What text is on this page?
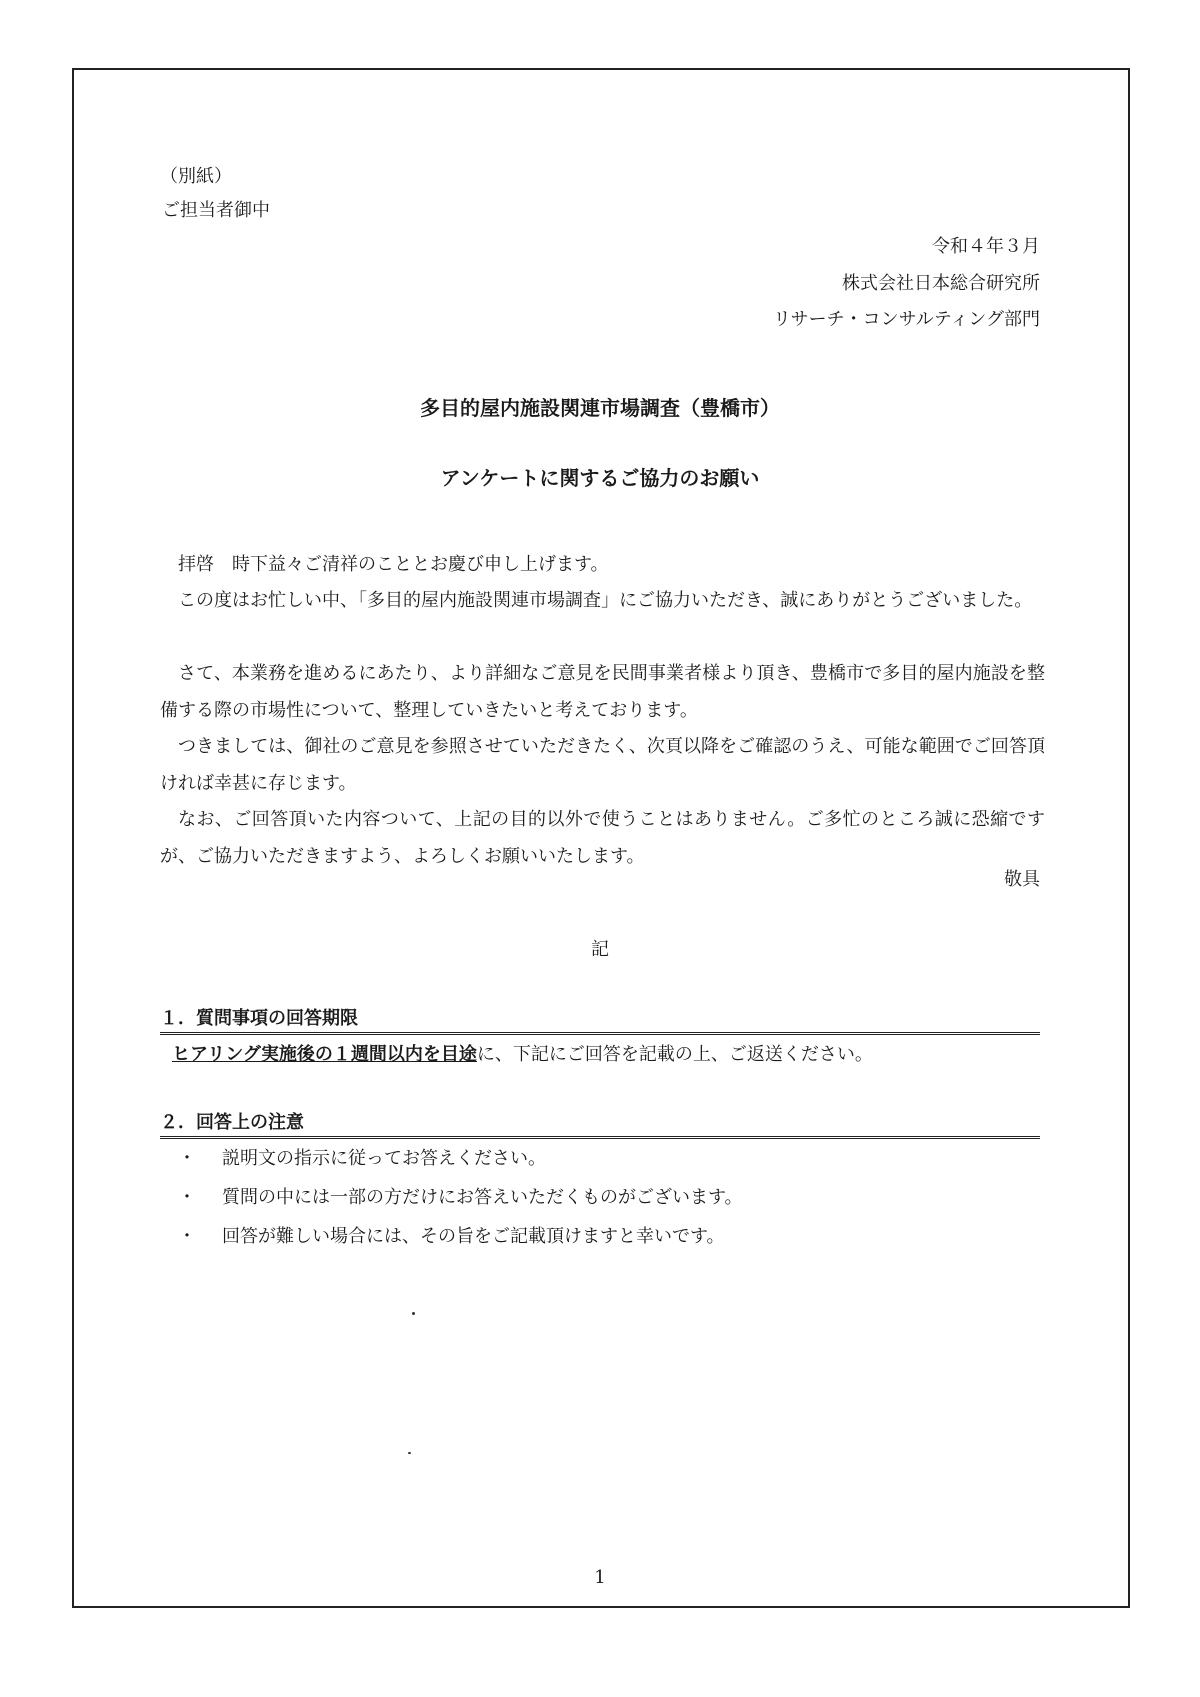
（別紙）
ご担当者御中
令和４年３月
株式会社日本総合研究所
リサーチ・コンサルティング部門
多目的屋内施設関連市場調査（豊橋市）
アンケートに関するご協力のお願い
拝啓　時下益々ご清祥のこととお慶び申し上げます。
この度はお忙しい中、「多目的屋内施設関連市場調査」にご協力いただき、誠にありがとうございました。
さて、本業務を進めるにあたり、より詳細なご意見を民間事業者様より頂き、豊橋市で多目的屋内施設を整備する際の市場性について、整理していきたいと考えております。
つきましては、御社のご意見を参照させていただきたく、次頁以降をご確認のうえ、可能な範囲でご回答頂ければ幸甚に存じます。
なお、ご回答頂いた内容ついて、上記の目的以外で使うことはありません。ご多忙のところ誠に恐縮ですが、ご協力いただきますよう、よろしくお願いいたします。
敬具
記
１．質問事項の回答期限
ヒアリング実施後の１週間以内を目途に、下記にご回答を記載の上、ご返送ください。
２．回答上の注意
・ 説明文の指示に従ってお答えください。
・ 質問の中には一部の方だけにお答えいただくものがございます。
・ 回答が難しい場合には、その旨をご記載頂けますと幸いです。
1
